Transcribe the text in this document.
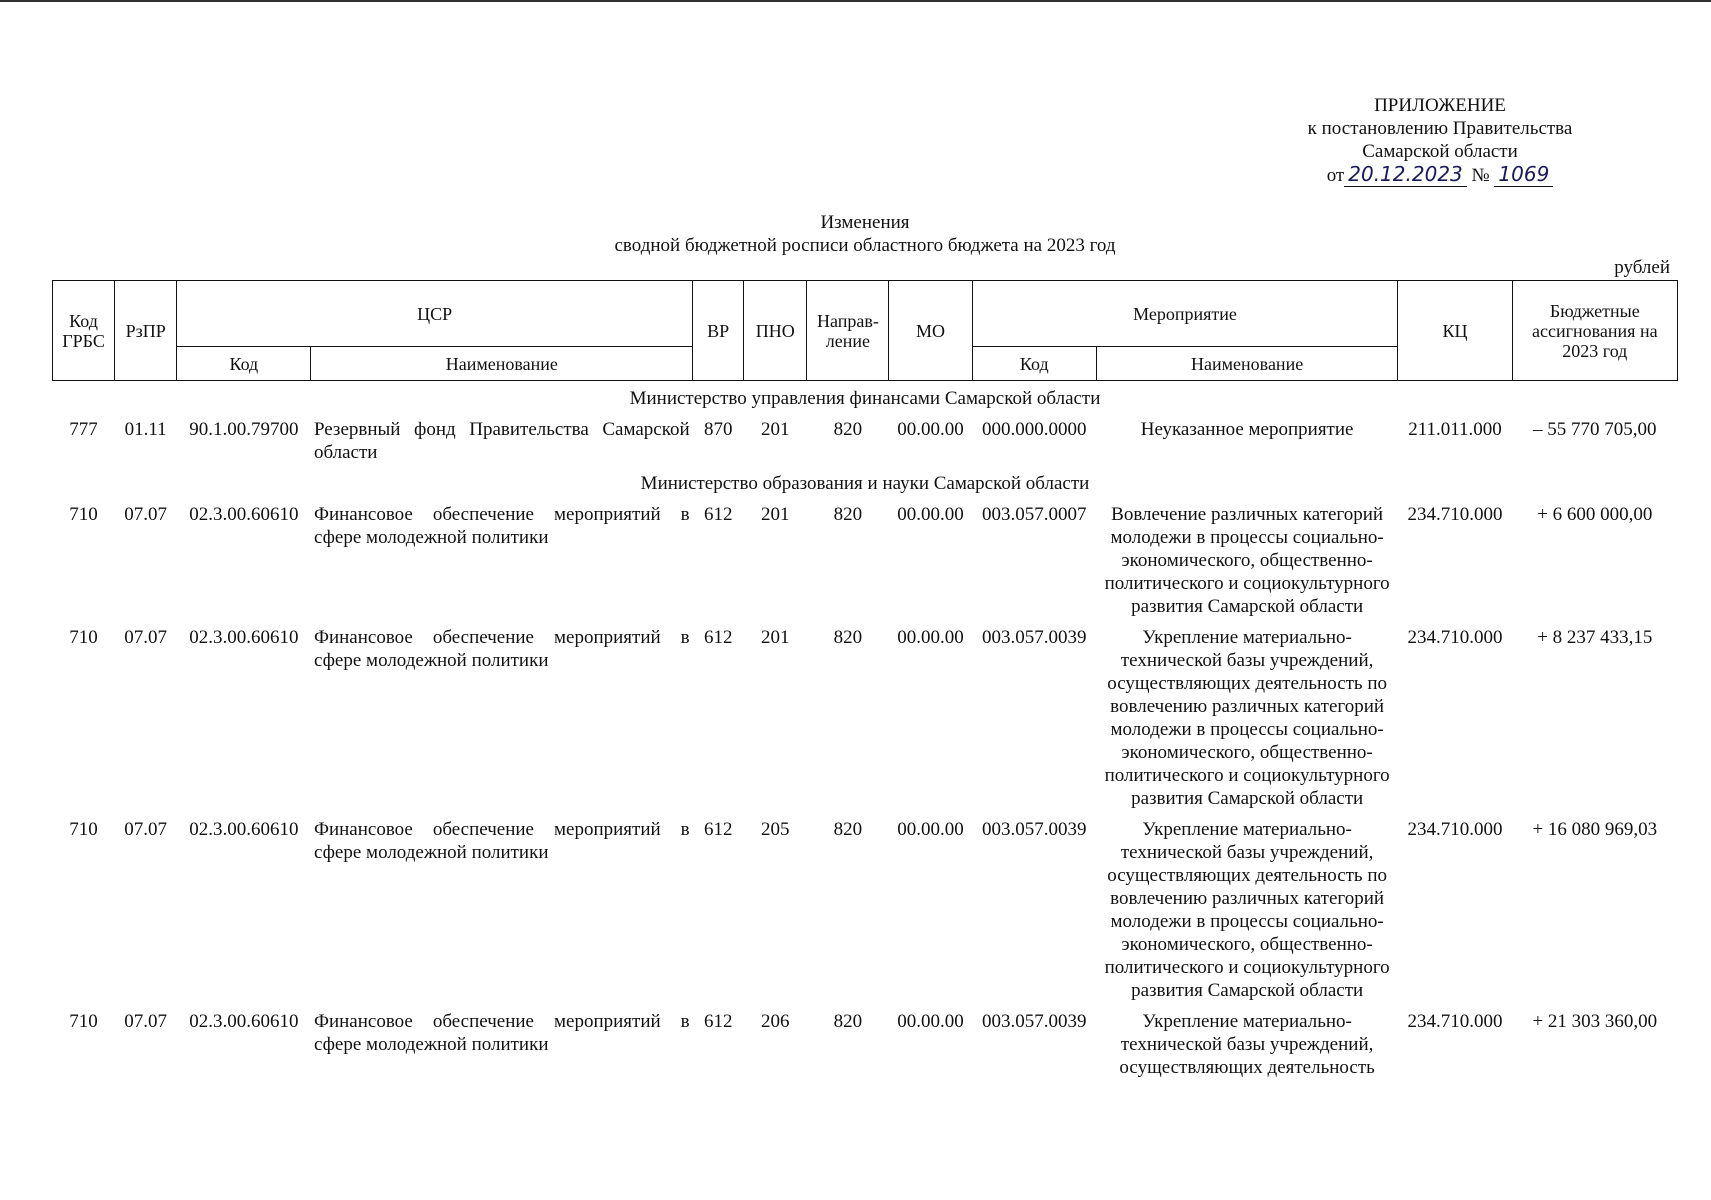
ПРИЛОЖЕНИЕ
к постановлению Правительства
Самарской области
от 20.12.2023 № 1069
Изменения
сводной бюджетной росписи областного бюджета на 2023 год
рублей
Код ГРБС	РзПР	ЦСР		ВР	ПНО	Направ-ление	МО	Мероприятие		КЦ	Бюджетные ассигнования на 2023 год
		Код	Наименование					Код	Наименование		
Министерство управления финансами Самарской области											
777	01.11	90.1.00.79700	Резервный фонд Правительства Самарской области	870	201	820	00.00.00	000.000.0000	Неуказанное мероприятие	211.011.000	– 55 770 705,00
Министерство образования и науки Самарской области											
710	07.07	02.3.00.60610	Финансовое обеспечение мероприятий в сфере молодежной политики	612	201	820	00.00.00	003.057.0007	Вовлечение различных категорий молодежи в процессы социально-экономического, общественно-политического и социокультурного развития Самарской области	234.710.000	+ 6 600 000,00
710	07.07	02.3.00.60610	Финансовое обеспечение мероприятий в сфере молодежной политики	612	201	820	00.00.00	003.057.0039	Укрепление материально-технической базы учреждений, осуществляющих деятельность по вовлечению различных категорий молодежи в процессы социально-экономического, общественно-политического и социокультурного развития Самарской области	234.710.000	+ 8 237 433,15
710	07.07	02.3.00.60610	Финансовое обеспечение мероприятий в сфере молодежной политики	612	205	820	00.00.00	003.057.0039	Укрепление материально-технической базы учреждений, осуществляющих деятельность по вовлечению различных категорий молодежи в процессы социально-экономического, общественно-политического и социокультурного развития Самарской области	234.710.000	+ 16 080 969,03
710	07.07	02.3.00.60610	Финансовое обеспечение мероприятий в сфере молодежной политики	612	206	820	00.00.00	003.057.0039	Укрепление материально-технической базы учреждений, осуществляющих деятельность	234.710.000	+ 21 303 360,00
